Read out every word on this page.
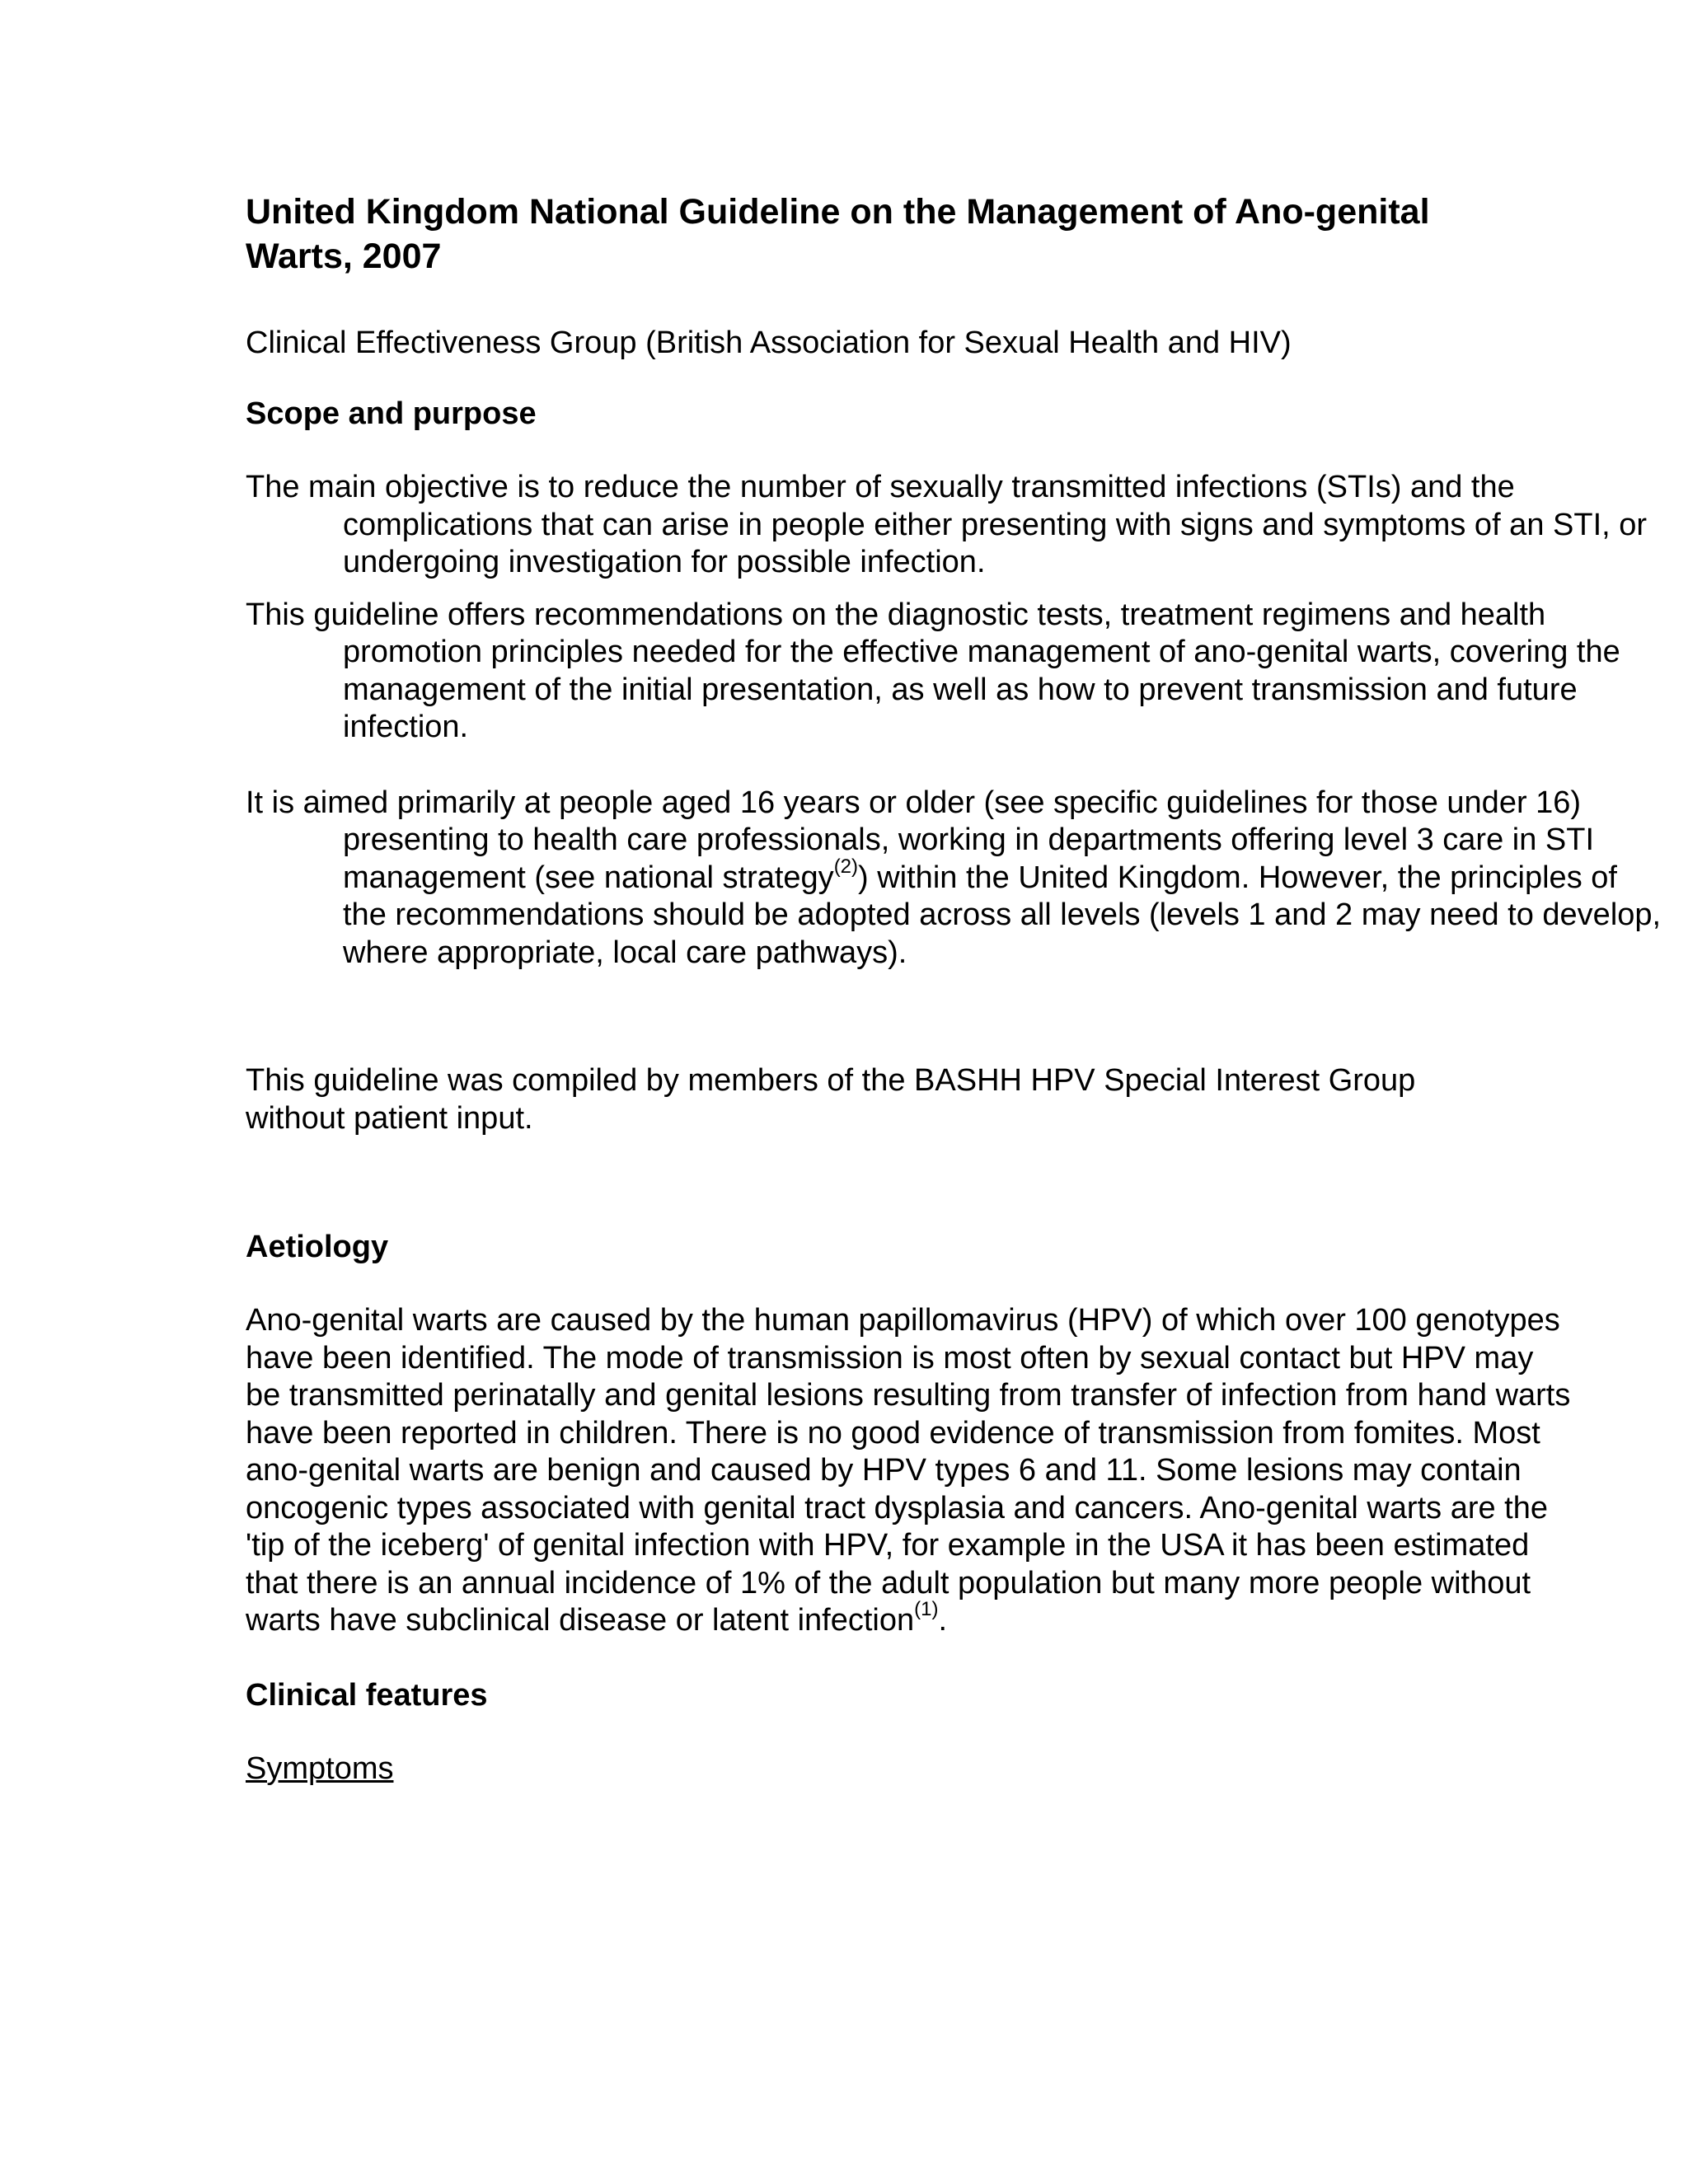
United Kingdom National Guideline on the Management of Ano-genital Warts, 2007

Clinical Effectiveness Group (British Association for Sexual Health and HIV)

Scope and purpose

The main objective is to reduce the number of sexually transmitted infections (STIs) and the complications that can arise in people either presenting with signs and symptoms of an STI, or undergoing investigation for possible infection.

This guideline offers recommendations on the diagnostic tests, treatment regimens and health promotion principles needed for the effective management of ano-genital warts, covering the management of the initial presentation, as well as how to prevent transmission and future infection.

It is aimed primarily at people aged 16 years or older (see specific guidelines for those under 16) presenting to health care professionals, working in departments offering level 3 care in STI management (see national strategy$^{(2)}$) within the United Kingdom. However, the principles of the recommendations should be adopted across all levels (levels 1 and 2 may need to develop, where appropriate, local care pathways).

This guideline was compiled by members of the BASHH HPV Special Interest Group without patient input.

Aetiology

Ano-genital warts are caused by the human papillomavirus (HPV) of which over 100 genotypes have been identified. The mode of transmission is most often by sexual contact but HPV may be transmitted perinatally and genital lesions resulting from transfer of infection from hand warts have been reported in children. There is no good evidence of transmission from fomites. Most ano-genital warts are benign and caused by HPV types 6 and 11. Some lesions may contain oncogenic types associated with genital tract dysplasia and cancers. Ano-genital warts are the 'tip of the iceberg' of genital infection with HPV, for example in the USA it has been estimated that there is an annual incidence of 1% of the adult population but many more people without warts have subclinical disease or latent infection$^{(1)}$.

Clinical features

Symptoms
